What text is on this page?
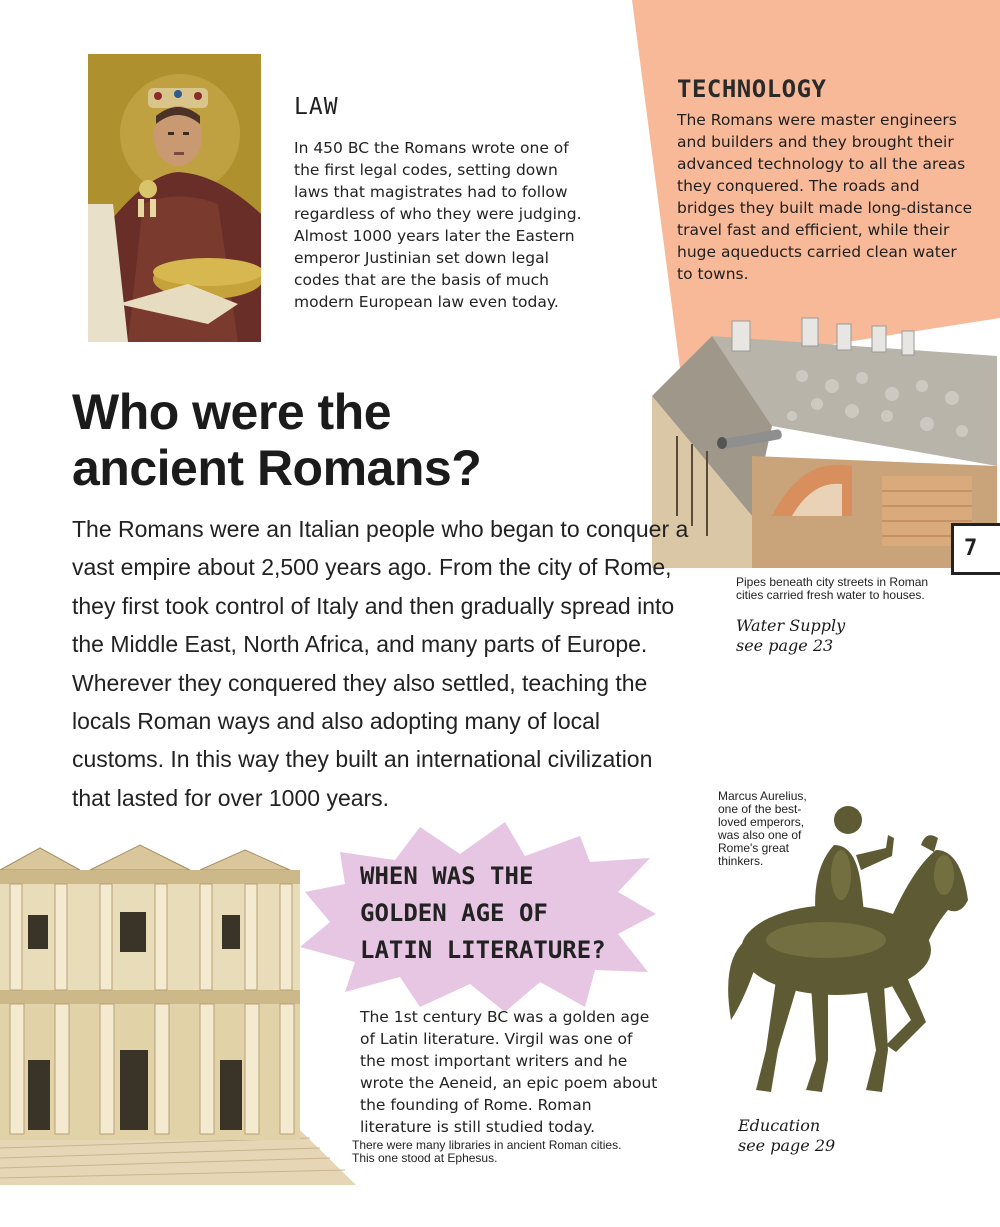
LAW
In 450 BC the Romans wrote one of the first legal codes, setting down laws that magistrates had to follow regardless of who they were judging. Almost 1000 years later the Eastern emperor Justinian set down legal codes that are the basis of much modern European law even today.
TECHNOLOGY
The Romans were master engineers and builders and they brought their advanced technology to all the areas they conquered. The roads and bridges they built made long-distance travel fast and efficient, while their huge aqueducts carried clean water to towns.
7
Who were the
ancient Romans?
The Romans were an Italian people who began to conquer a vast empire about 2,500 years ago. From the city of Rome, they first took control of Italy and then gradually spread into the Middle East, North Africa, and many parts of Europe. Wherever they conquered they also settled, teaching the locals Roman ways and also adopting many of local customs. In this way they built an international civilization that lasted for over 1000 years.
Pipes beneath city streets in Roman cities carried fresh water to houses.
Water Supply
see page 23
Marcus Aurelius, one of the best-loved emperors, was also one of Rome's great thinkers.
Education
see page 29
There were many libraries in ancient Roman cities. This one stood at Ephesus.
WHEN WAS THE
GOLDEN AGE OF
LATIN LITERATURE?
The 1st century BC was a golden age of Latin literature. Virgil was one of the most important writers and he wrote the Aeneid, an epic poem about the founding of Rome. Roman literature is still studied today.
